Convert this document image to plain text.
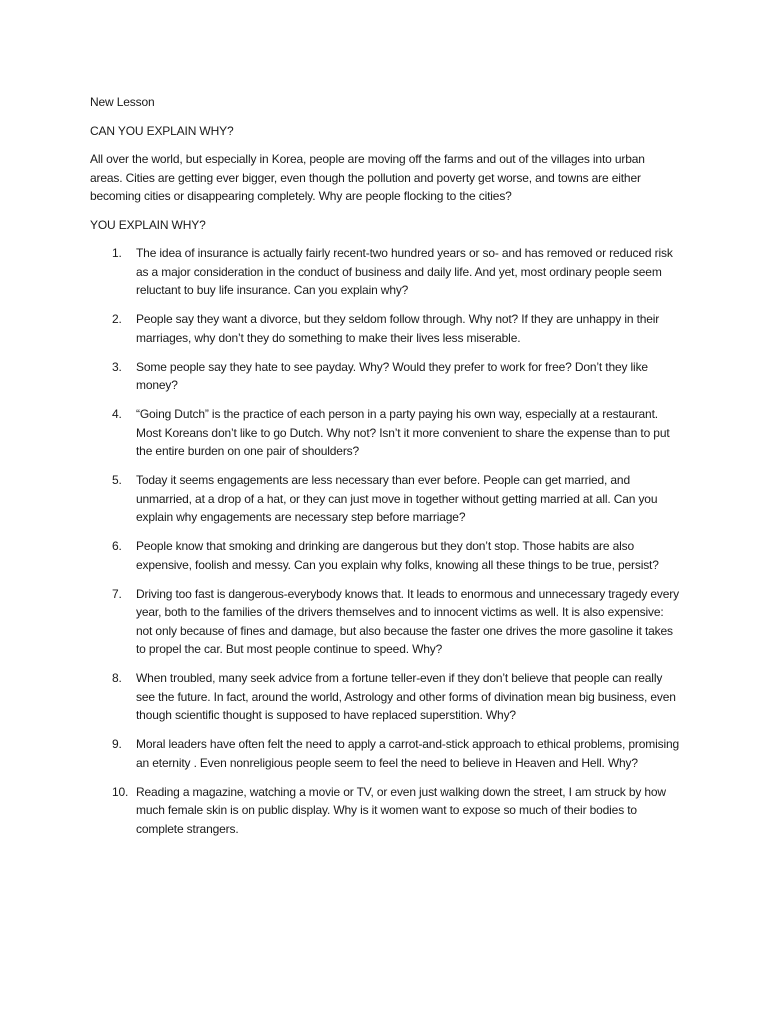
New Lesson

CAN YOU EXPLAIN WHY?

All over the world, but especially in Korea, people are moving off the farms and out of the villages into urban areas. Cities are getting ever bigger, even though the pollution and poverty get worse, and towns are either becoming cities or disappearing completely. Why are people flocking to the cities?

YOU EXPLAIN WHY?

1.	The idea of insurance is actually fairly recent-two hundred years or so- and has removed or reduced risk as a major consideration in the conduct of business and daily life. And yet, most ordinary people seem reluctant to buy life insurance. Can you explain why?
2.	People say they want a divorce, but they seldom follow through. Why not? If they are unhappy in their marriages, why don’t they do something to make their lives less miserable.
3.	Some people say they hate to see payday. Why? Would they prefer to work for free? Don’t they like money?
4.	“Going Dutch” is the practice of each person in a party paying his own way, especially at a restaurant. Most Koreans don’t like to go Dutch. Why not? Isn’t it more convenient to share the expense than to put the entire burden on one pair of shoulders?
5.	Today it seems engagements are less necessary than ever before. People can get married, and unmarried, at a drop of a hat, or they can just move in together without getting married at all. Can you explain why engagements are necessary step before marriage?
6.	People know that smoking and drinking are dangerous but they don’t stop. Those habits are also expensive, foolish and messy. Can you explain why folks, knowing all these things to be true, persist?
7.	Driving too fast is dangerous-everybody knows that. It leads to enormous and unnecessary tragedy every year, both to the families of the drivers themselves and to innocent victims as well. It is also expensive: not only because of fines and damage, but also because the faster one drives the more gasoline it takes to propel the car. But most people continue to speed. Why?
8.	When troubled, many seek advice from a fortune teller-even if they don’t believe that people can really see the future. In fact, around the world, Astrology and other forms of divination mean big business, even though scientific thought is supposed to have replaced superstition. Why?
9.	Moral leaders have often felt the need to apply a carrot-and-stick approach to ethical problems, promising an eternity . Even nonreligious people seem to feel the need to believe in Heaven and Hell. Why?
10. Reading a magazine, watching a movie or TV, or even just walking down the street, I am struck by how much female skin is on public display. Why is it women want to expose so much of their bodies to complete strangers.
